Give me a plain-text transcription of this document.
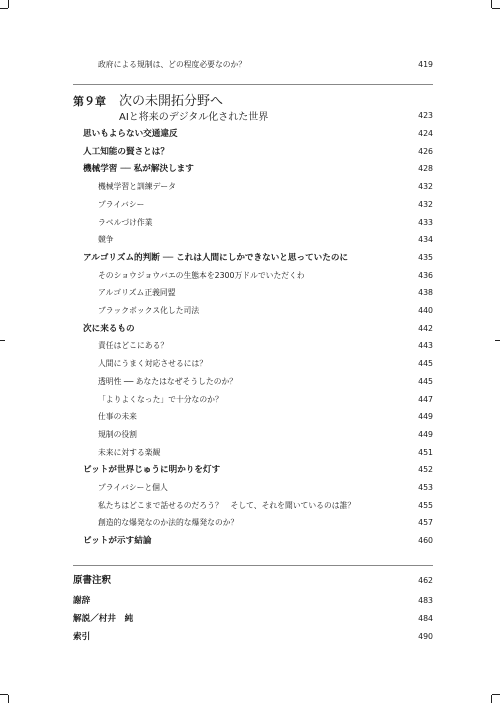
政府による規制は、どの程度必要なのか？	419
第９章 次の未開拓分野へ
AIと将来のデジタル化された世界	423
思いもよらない交通違反	424
人工知能の賢さとは？	426
機械学習 ── 私が解決します	428
機械学習と訓練データ	432
プライバシー	432
ラベルづけ作業	433
競争	434
アルゴリズム的判断 ── これは人間にしかできないと思っていたのに	435
そのショウジョウバエの生態本を2300万ドルでいただくわ	436
アルゴリズム正義同盟	438
ブラックボックス化した司法	440
次に来るもの	442
責任はどこにある？	443
人間にうまく対応させるには？	445
透明性 ── あなたはなぜそうしたのか？	445
「よりよくなった」で十分なのか？	447
仕事の未来	449
規制の役割	449
未来に対する楽観	451
ビットが世界じゅうに明かりを灯す	452
プライバシーと個人	453
私たちはどこまで話せるのだろう？　そして、それを聞いているのは誰？	455
創造的な爆発なのか法的な爆発なのか？	457
ビットが示す結論	460
原書注釈	462
謝辞	483
解説／村井　純	484
索引	490
